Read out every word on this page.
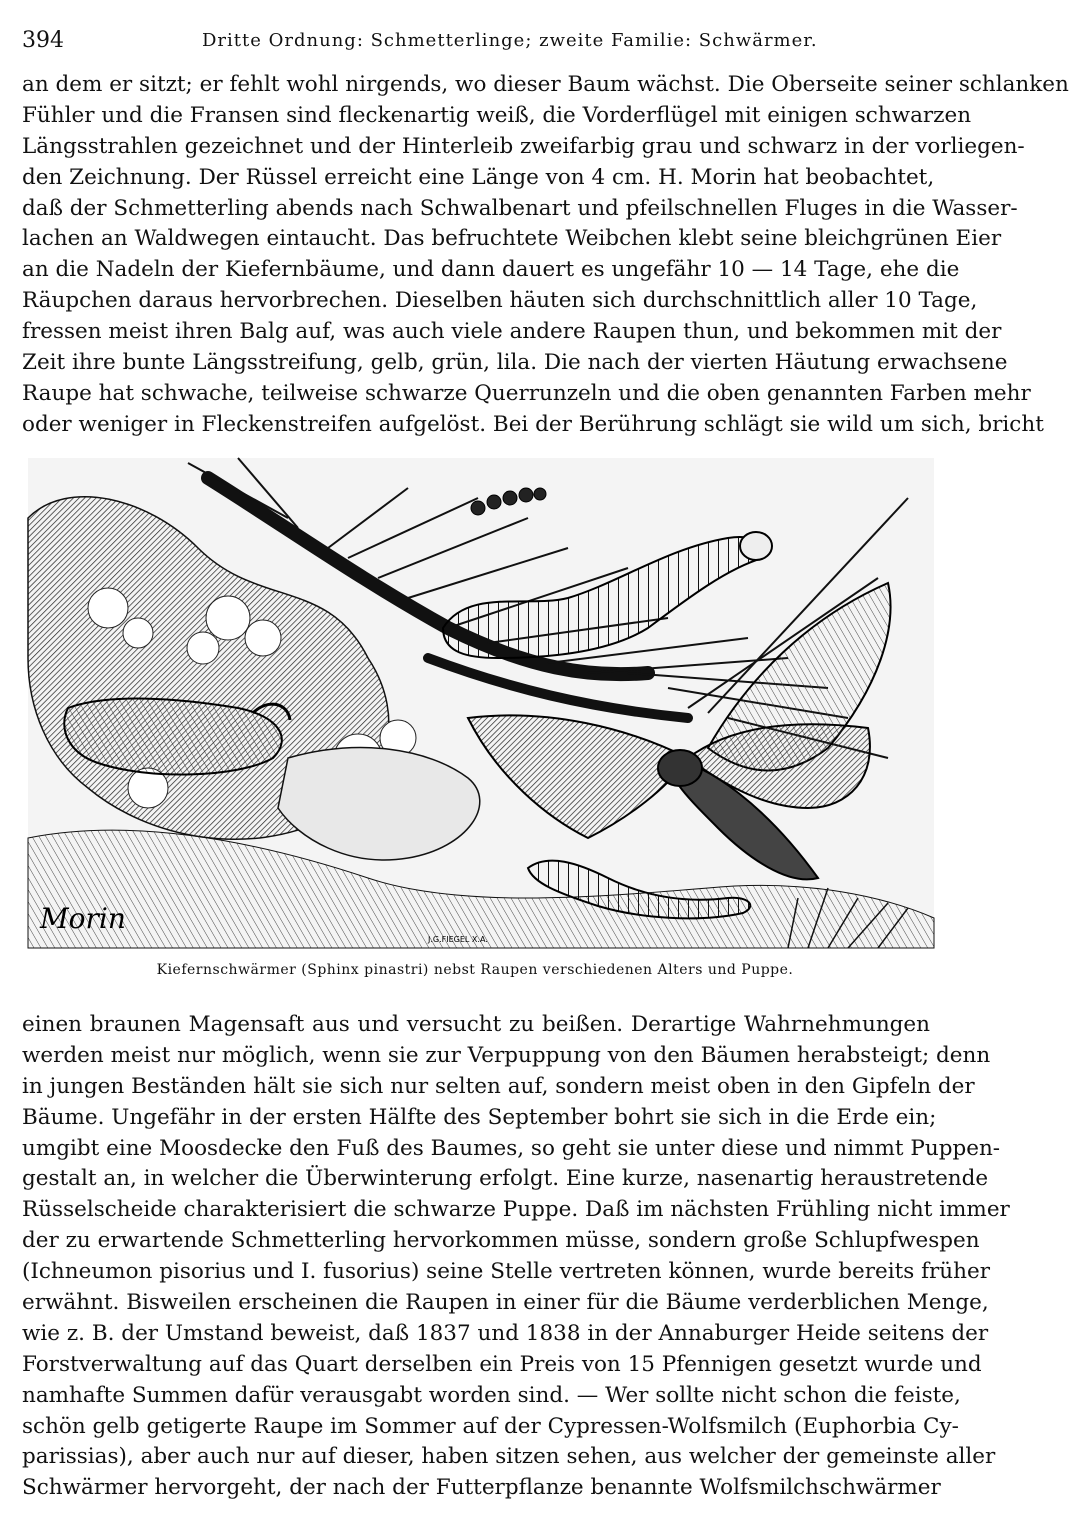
394	Dritte Ordnung: Schmetterlinge; zweite Familie: Schwärmer.
an dem er sitzt; er fehlt wohl nirgends, wo dieser Baum wächst. Die Oberseite seiner schlanken
Fühler und die Fransen sind fleckenartig weiß, die Vorderflügel mit einigen schwarzen
Längsstrahlen gezeichnet und der Hinterleib zweifarbig grau und schwarz in der vorliegen-
den Zeichnung. Der Rüssel erreicht eine Länge von 4 cm. H. Morin hat beobachtet,
daß der Schmetterling abends nach Schwalbenart und pfeilschnellen Fluges in die Wasser-
lachen an Waldwegen eintaucht. Das befruchtete Weibchen klebt seine bleichgrünen Eier
an die Nadeln der Kiefernbäume, und dann dauert es ungefähr 10 — 14 Tage, ehe die
Räupchen daraus hervorbrechen. Dieselben häuten sich durchschnittlich aller 10 Tage,
fressen meist ihren Balg auf, was auch viele andere Raupen thun, und bekommen mit der
Zeit ihre bunte Längsstreifung, gelb, grün, lila. Die nach der vierten Häutung erwachsene
Raupe hat schwache, teilweise schwarze Querrunzeln und die oben genannten Farben mehr
oder weniger in Fleckenstreifen aufgelöst. Bei der Berührung schlägt sie wild um sich, bricht
Morin
J.G.FIEGEL X.A.
Kiefernschwärmer (Sphinx pinastri) nebst Raupen verschiedenen Alters und Puppe.
einen braunen Magensaft aus und versucht zu beißen. Derartige Wahrnehmungen
werden meist nur möglich, wenn sie zur Verpuppung von den Bäumen herabsteigt; denn
in jungen Beständen hält sie sich nur selten auf, sondern meist oben in den Gipfeln der
Bäume. Ungefähr in der ersten Hälfte des September bohrt sie sich in die Erde ein;
umgibt eine Moosdecke den Fuß des Baumes, so geht sie unter diese und nimmt Puppen-
gestalt an, in welcher die Überwinterung erfolgt. Eine kurze, nasenartig heraustretende
Rüsselscheide charakterisiert die schwarze Puppe. Daß im nächsten Frühling nicht immer
der zu erwartende Schmetterling hervorkommen müsse, sondern große Schlupfwespen
(Ichneumon pisorius und I. fusorius) seine Stelle vertreten können, wurde bereits früher
erwähnt. Bisweilen erscheinen die Raupen in einer für die Bäume verderblichen Menge,
wie z. B. der Umstand beweist, daß 1837 und 1838 in der Annaburger Heide seitens der
Forstverwaltung auf das Quart derselben ein Preis von 15 Pfennigen gesetzt wurde und
namhafte Summen dafür verausgabt worden sind. — Wer sollte nicht schon die feiste,
schön gelb getigerte Raupe im Sommer auf der Cypressen-Wolfsmilch (Euphorbia Cy-
parissias), aber auch nur auf dieser, haben sitzen sehen, aus welcher der gemeinste aller
Schwärmer hervorgeht, der nach der Futterpflanze benannte Wolfsmilchschwärmer
